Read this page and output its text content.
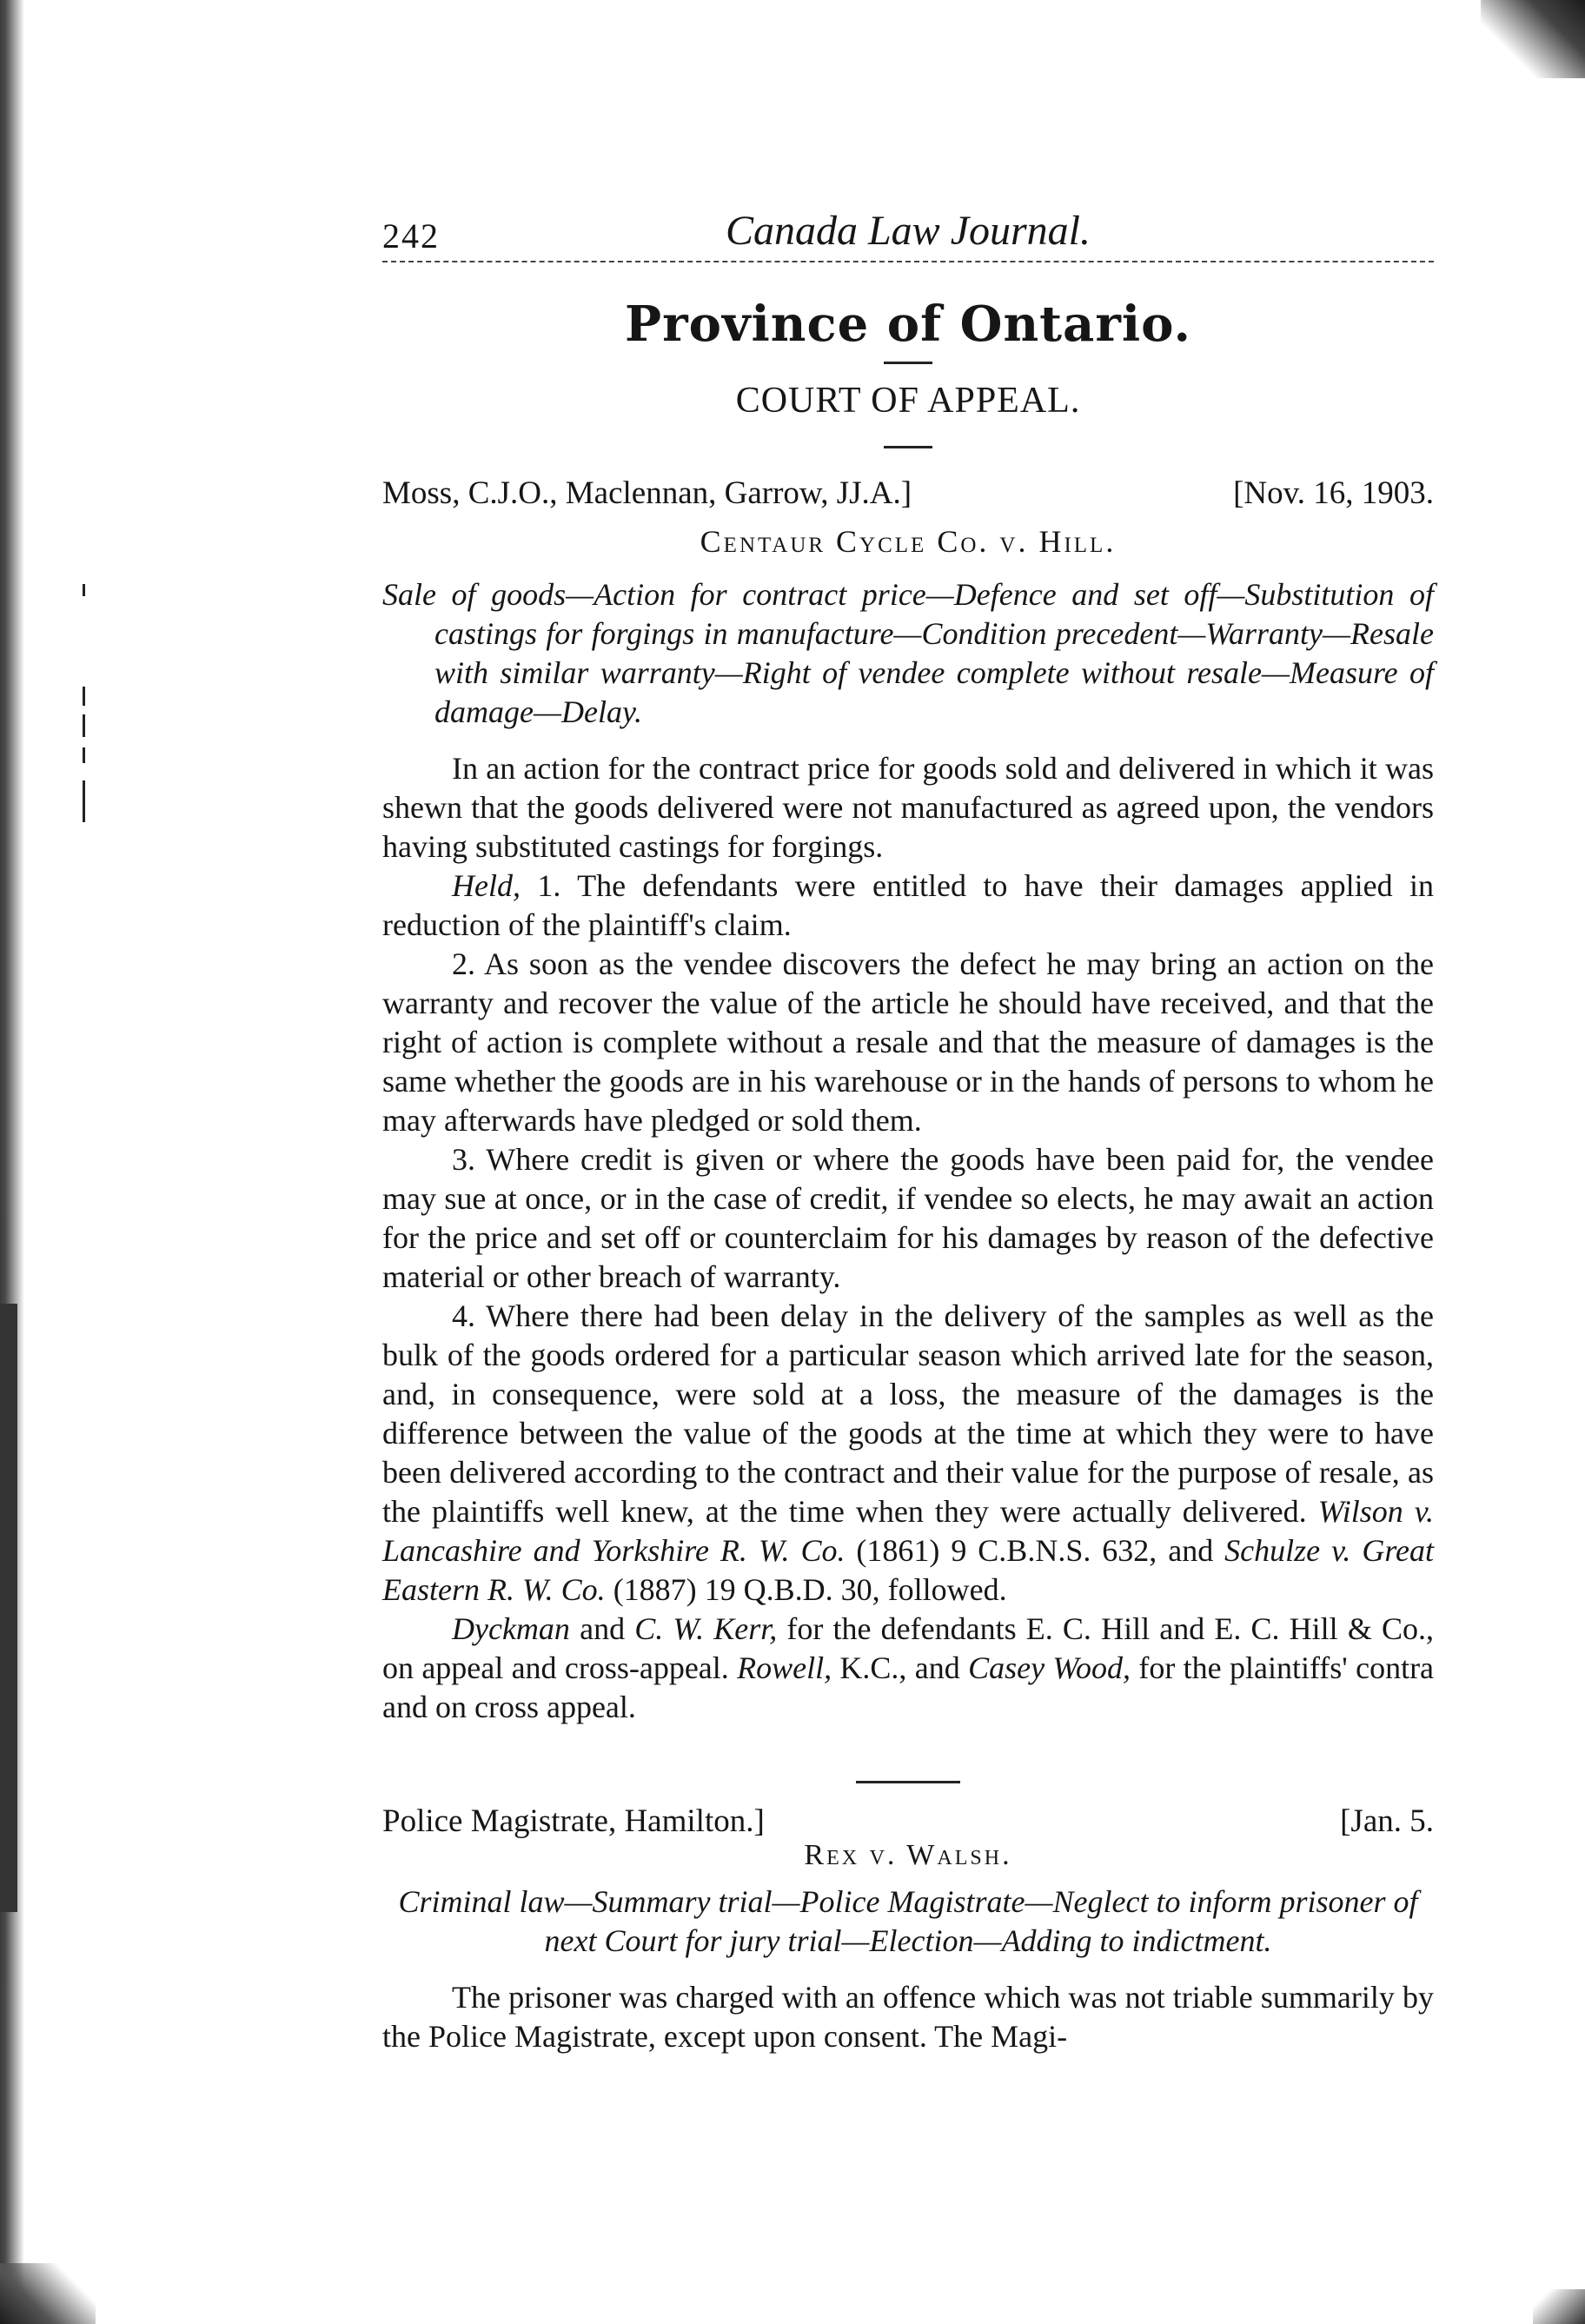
242	Canada Law Journal.
Province of Ontario.
COURT OF APPEAL.
Moss, C.J.O., Maclennan, Garrow, JJ.A.]	[Nov. 16, 1903.
Centaur Cycle Co. v. Hill.
Sale of goods—Action for contract price—Defence and set off—Substitution of castings for forgings in manufacture—Condition precedent—Warranty—Resale with similar warranty—Right of vendee complete without resale—Measure of damage—Delay.

In an action for the contract price for goods sold and delivered in which it was shewn that the goods delivered were not manufactured as agreed upon, the vendors having substituted castings for forgings.

Held, 1. The defendants were entitled to have their damages applied in reduction of the plaintiff's claim.

2. As soon as the vendee discovers the defect he may bring an action on the warranty and recover the value of the article he should have received, and that the right of action is complete without a resale and that the measure of damages is the same whether the goods are in his warehouse or in the hands of persons to whom he may afterwards have pledged or sold them.

3. Where credit is given or where the goods have been paid for, the vendee may sue at once, or in the case of credit, if vendee so elects, he may await an action for the price and set off or counterclaim for his damages by reason of the defective material or other breach of warranty.

4. Where there had been delay in the delivery of the samples as well as the bulk of the goods ordered for a particular season which arrived late for the season, and, in consequence, were sold at a loss, the measure of the damages is the difference between the value of the goods at the time at which they were to have been delivered according to the contract and their value for the purpose of resale, as the plaintiffs well knew, at the time when they were actually delivered. Wilson v. Lancashire and Yorkshire R. W. Co. (1861) 9 C.B.N.S. 632, and Schulze v. Great Eastern R. W. Co. (1887) 19 Q.B.D. 30, followed.

Dyckman and C. W. Kerr, for the defendants E. C. Hill and E. C. Hill & Co., on appeal and cross-appeal. Rowell, K.C., and Casey Wood, for the plaintiffs' contra and on cross appeal.

Police Magistrate, Hamilton.]	[Jan. 5.
Rex v. Walsh.
Criminal law—Summary trial—Police Magistrate—Neglect to inform prisoner of next Court for jury trial—Election—Adding to indictment.

The prisoner was charged with an offence which was not triable summarily by the Police Magistrate, except upon consent. The Magi-
